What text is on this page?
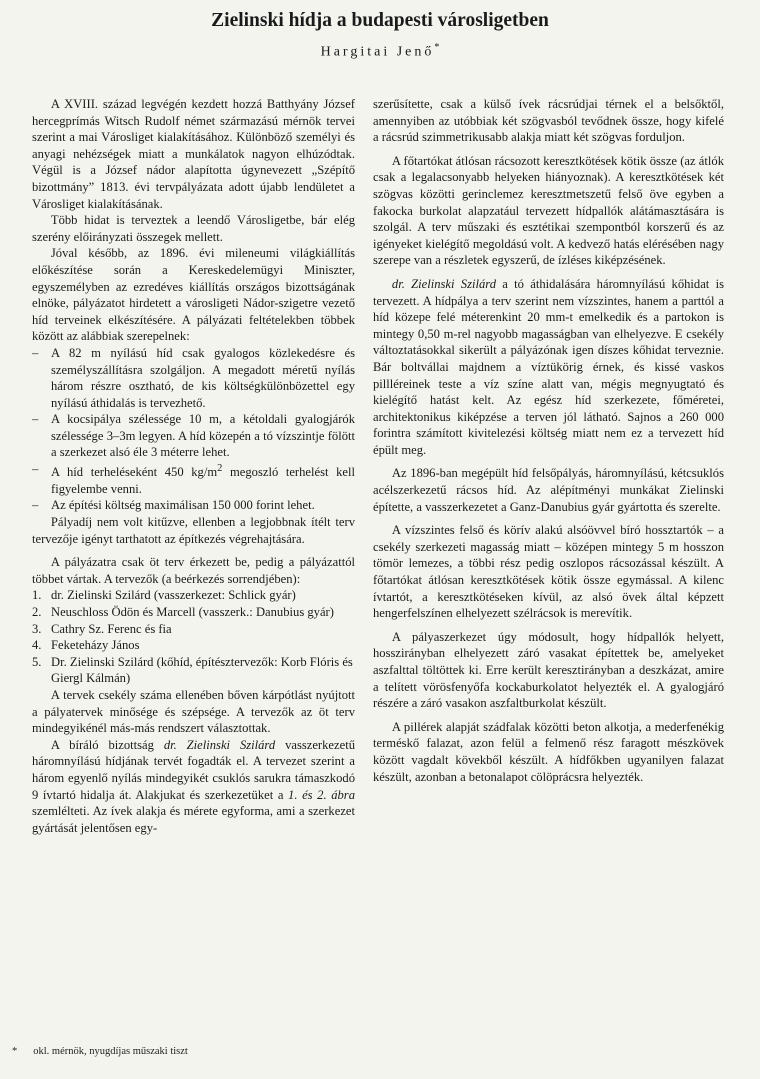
Zielinski hídja a budapesti városligetben
Hargitai Jenő*

A XVIII. század legvégén kezdett hozzá Batthyány József hercegprímás Witsch Rudolf német származású mérnök tervei szerint a mai Városliget kialakításához. Különböző személyi és anyagi nehézségek miatt a munkálatok nagyon elhúzódtak. Végül is a József nádor alapította úgynevezett „Szépítő bizottmány” 1813. évi tervpályázata adott újabb lendületet a Városliget kialakításának.

Több hidat is terveztek a leendő Városligetbe, bár elég szerény előirányzati összegek mellett.

Jóval később, az 1896. évi mileneumi világkiállítás előkészítése során a Kereskedelemügyi Miniszter, egyszemélyben az ezredéves kiállítás országos bizottságának elnöke, pályázatot hirdetett a városligeti Nádor-szigetre vezető híd terveinek elkészítésére. A pályázati feltételekben többek között az alábbiak szerepelnek:

– A 82 m nyílású híd csak gyalogos közlekedésre és személyszállításra szolgáljon. A megadott méretű nyílás három részre osztható, de kis költségkülönbözettel egy nyílású áthidalás is tervezhető.
– A kocsipálya szélessége 10 m, a kétoldali gyalogjárók szélessége 3–3m legyen. A híd közepén a tó vízszintje fölött a szerkezet alsó éle 3 méterre lehet.
– A híd terheléseként 450 $kg/m^2$ megoszló terhelést kell figyelembe venni.
– Az építési költség maximálisan 150 000 forint lehet.

Pályadíj nem volt kitűzve, ellenben a legjobbnak ítélt terv tervezője igényt tarthatott az építkezés végrehajtására.

A pályázatra csak öt terv érkezett be, pedig a pályázattól többet vártak. A tervezők (a beérkezés sorrendjében):

1. dr. Zielinski Szilárd (vasszerkezet: Schlick gyár)
2. Neuschloss Ödön és Marcell (vasszerk.: Danubius gyár)
3. Cathry Sz. Ferenc és fia
4. Feketeházy János
5. Dr. Zielinski Szilárd (kőhíd, építésztervezők: Korb Flóris és Giergl Kálmán)

A tervek csekély száma ellenében bőven kárpótlást nyújtott a pályatervek minősége és szépsége. A tervezők az öt terv mindegyikénél más-más rendszert választottak.

A bíráló bizottság dr. Zielinski Szilárd vasszerkezetű háromnyílású hídjának tervét fogadták el. A tervezet szerint a három egyenlő nyílás mindegyikét csuklós sarukra támaszkodó 9 ívtartó hidalja át. Alakjukat és szerkezetüket a 1. és 2. ábra szemlélteti. Az ívek alakja és mérete egyforma, ami a szerkezet gyártását jelentősen egy-

szerűsítette, csak a külső ívek rácsrúdjai térnek el a belsőktől, amennyiben az utóbbiak két szögvasból tevődnek össze, hogy kifelé a rácsrúd szimmetrikusabb alakja miatt két szögvas forduljon.

A főtartókat átlósan rácsozott keresztkötések kötik össze (az átlók csak a legalacsonyabb helyeken hiányoznak). A keresztkötések két szögvas közötti gerinclemez keresztmetszetű felső öve egyben a fakocka burkolat alapzatául tervezett hídpallók alátámasztására is szolgál. A terv műszaki és esztétikai szempontból korszerű és az igényeket kielégítő megoldású volt. A kedvező hatás elérésében nagy szerepe van a részletek egyszerű, de ízléses kiképzésének.

dr. Zielinski Szilárd a tó áthidalására háromnyílású kőhidat is tervezett. A hídpálya a terv szerint nem vízszintes, hanem a parttól a híd közepe felé méterenkint 20 mm-t emelkedik és a partokon is mintegy 0,50 m-rel nagyobb magasságban van elhelyezve. E csekély változtatásokkal sikerült a pályázónak igen díszes kőhidat terveznie. Bár boltvállai majdnem a víztükörig érnek, és kissé vaskos pillléreinek teste a víz színe alatt van, mégis megnyugtató és kielégítő hatást kelt. Az egész híd szerkezete, főméretei, architektonikus kiképzése a terven jól látható. Sajnos a 260 000 forintra számított kivitelezési költség miatt nem ez a tervezett híd épült meg.

Az 1896-ban megépült híd felsőpályás, háromnyílású, kétcsuklós acélszerkezetű rácsos híd. Az alépítményi munkákat Zielinski építette, a vasszerkezetet a Ganz-Danubius gyár gyártotta és szerelte.

A vízszintes felső és körív alakú alsóövvel bíró hossztartók – a csekély szerkezeti magasság miatt – középen mintegy 5 m hosszon tömör lemezes, a többi rész pedig oszlopos rácsozással készült. A főtartókat átlósan keresztkötések kötik össze egymással. A kilenc ívtartót, a keresztkötéseken kívül, az alsó övek által képzett hengerfelszínen elhelyezett szélrácsok is merevítik.

A pályaszerkezet úgy módosult, hogy hídpallók helyett, hosszirányban elhelyezett záró vasakat építettek be, amelyeket aszfalttal töltöttek ki. Erre került keresztirányban a deszkázat, amire a telített vörösfenyőfa kockaburkolatot helyezték el. A gyalogjáró részére a záró vasakon aszfaltburkolat készült.

A pillérek alapját szádfalak közötti beton alkotja, a mederfenékig terméskő falazat, azon felül a felmenő rész faragott mészkövek között vagdalt kövekből készült. A hídfőkben ugyanilyen falazat készült, azonban a betonalapot cölöprácsra helyezték.

* okl. mérnök, nyugdíjas műszaki tiszt
